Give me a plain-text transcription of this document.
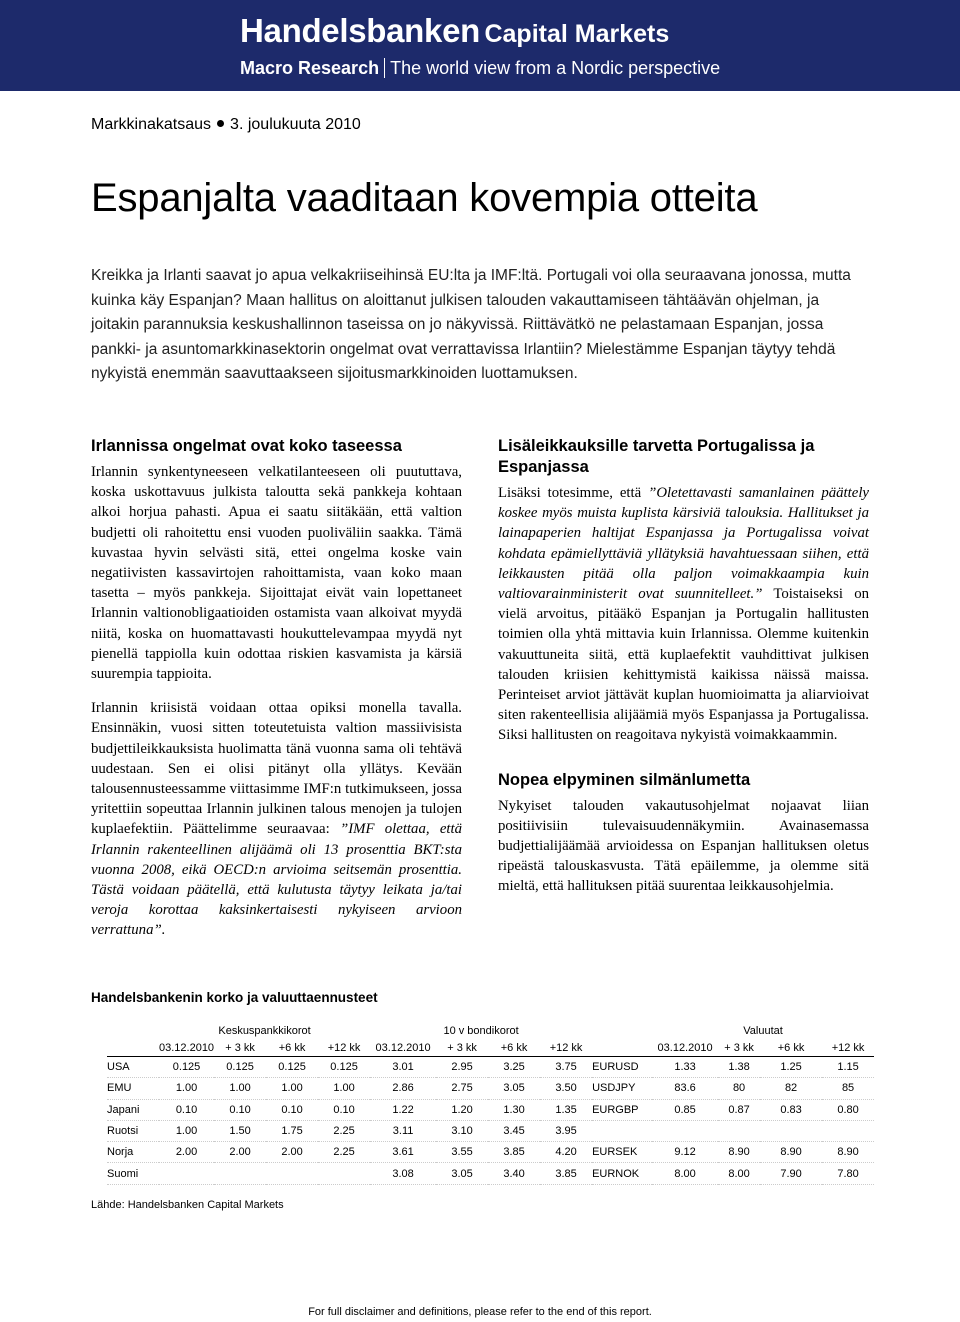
Handelsbanken Capital Markets
Macro Research The world view from a Nordic perspective
Markkinakatsaus 3. joulukuuta 2010
Espanjalta vaaditaan kovempia otteita

Kreikka ja Irlanti saavat jo apua velkakriiseihinsä EU:lta ja IMF:ltä. Portugali voi olla seuraavana jonossa, mutta kuinka käy Espanjan? Maan hallitus on aloittanut julkisen talouden vakauttamiseen tähtäävän ohjelman, ja joitakin parannuksia keskushallinnon taseissa on jo näkyvissä. Riittävätkö ne pelastamaan Espanjan, jossa pankki- ja asuntomarkkinasektorin ongelmat ovat verrattavissa Irlantiin? Mielestämme Espanjan täytyy tehdä nykyistä enemmän saavuttaakseen sijoitusmarkkinoiden luottamuksen.

Irlannissa ongelmat ovat koko taseessa

Irlannin synkentyneeseen velkatilanteeseen oli puututtava, koska uskottavuus julkista taloutta sekä pankkeja kohtaan alkoi horjua pahasti. Apua ei saatu siitäkään, että valtion budjetti oli rahoitettu ensi vuoden puoliväliin saakka. Tämä kuvastaa hyvin selvästi sitä, ettei ongelma koske vain negatiivisten kassavirtojen rahoittamista, vaan koko maan tasetta – myös pankkeja. Sijoittajat eivät vain lopettaneet Irlannin valtionobligaatioiden ostamista vaan alkoivat myydä niitä, koska on huomattavasti houkuttelevampaa myydä nyt pienellä tappiolla kuin odottaa riskien kasvamista ja kärsiä suurempia tappioita.

Irlannin kriisistä voidaan ottaa opiksi monella tavalla. Ensinnäkin, vuosi sitten toteutetuista valtion massiivisista budjettileikkauksista huolimatta tänä vuonna sama oli tehtävä uudestaan. Sen ei olisi pitänyt olla yllätys. Kevään talousennusteessamme viittasimme IMF:n tutkimukseen, jossa yritettiin sopeuttaa Irlannin julkinen talous menojen ja tulojen kuplaefektiin. Päättelimme seuraavaa: ”IMF olettaa, että Irlannin rakenteellinen alijäämä oli 13 prosenttia BKT:sta vuonna 2008, eikä OECD:n arvioima seitsemän prosenttia. Tästä voidaan päätellä, että kulutusta täytyy leikata ja/tai veroja korottaa kaksinkertaisesti nykyiseen arvioon verrattuna”.

Lisäleikkauksille tarvetta Portugalissa ja Espanjassa

Lisäksi totesimme, että ”Oletettavasti samanlainen päättely koskee myös muista kuplista kärsiviä talouksia. Hallitukset ja lainapaperien haltijat Espanjassa ja Portugalissa voivat kohdata epämiellyttäviä yllätyksiä havahtuessaan siihen, että leikkausten pitää olla paljon voimakkaampia kuin valtiovarainministerit ovat suunnitelleet.” Toistaiseksi on vielä arvoitus, pitääkö Espanjan ja Portugalin hallitusten toimien olla yhtä mittavia kuin Irlannissa. Olemme kuitenkin vakuuttuneita siitä, että kuplaefektit vauhdittivat julkisen talouden kriisien kehittymistä kaikissa näissä maissa. Perinteiset arviot jättävät kuplan huomioimatta ja aliarvioivat siten rakenteellisia alijäämiä myös Espanjassa ja Portugalissa. Siksi hallitusten on reagoitava nykyistä voimakkaammin.

Nopea elpyminen silmänlumetta

Nykyiset talouden vakautusohjelmat nojaavat liian positiivisiin tulevaisuudennäkymiin. Avainasemassa budjettialijäämää arvioidessa on Espanjan hallituksen oletus ripeästä talouskasvusta. Tätä epäilemme, ja olemme sitä mieltä, että hallituksen pitää suurentaa leikkausohjelmia.

Handelsbankenin korko ja valuuttaennusteet
	Keskuspankkikorot				10 v bondikorot					Valuutat			
	03.12.2010	+ 3 kk	+6 kk	+12 kk	03.12.2010	+ 3 kk	+6 kk	+12 kk		03.12.2010	+ 3 kk	+6 kk	+12 kk
USA	0.125	0.125	0.125	0.125	3.01	2.95	3.25	3.75	EURUSD	1.33	1.38	1.25	1.15
EMU	1.00	1.00	1.00	1.00	2.86	2.75	3.05	3.50	USDJPY	83.6	80	82	85
Japani	0.10	0.10	0.10	0.10	1.22	1.20	1.30	1.35	EURGBP	0.85	0.87	0.83	0.80
Ruotsi	1.00	1.50	1.75	2.25	3.11	3.10	3.45	3.95					
Norja	2.00	2.00	2.00	2.25	3.61	3.55	3.85	4.20	EURSEK	9.12	8.90	8.90	8.90
Suomi					3.08	3.05	3.40	3.85	EURNOK	8.00	8.00	7.90	7.80
Lähde: Handelsbanken Capital Markets
For full disclaimer and definitions, please refer to the end of this report.
